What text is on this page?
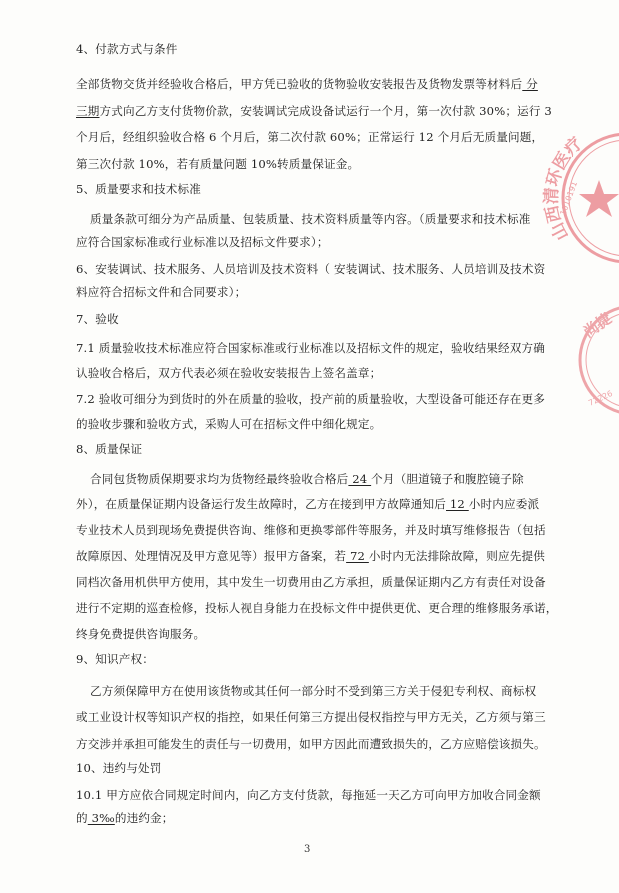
4、付款方式与条件
全部货物交货并经验收合格后，甲方凭已验收的货物验收安装报告及货物发票等材料后 分
三期方式向乙方支付货物价款，安装调试完成设备试运行一个月，第一次付款 30%；运行 3
个月后，经组织验收合格 6 个月后，第二次付款 60%；正常运行 12 个月后无质量问题，
第三次付款 10%，若有质量问题 10%转质量保证金。
5、质量要求和技术标准
质量条款可细分为产品质量、包装质量、技术资料质量等内容。（质量要求和技术标准
应符合国家标准或行业标准以及招标文件要求）；
6、安装调试、技术服务、人员培训及技术资料（ 安装调试、技术服务、人员培训及技术资
料应符合招标文件和合同要求）；
7、验收
7.1 质量验收技术标准应符合国家标准或行业标准以及招标文件的规定，验收结果经双方确
认验收合格后，双方代表必须在验收安装报告上签名盖章；
7.2 验收可细分为到货时的外在质量的验收，投产前的质量验收，大型设备可能还存在更多
的验收步骤和验收方式，采购人可在招标文件中细化规定。
8、质量保证
合同包货物质保期要求均为货物经最终验收合格后 24 个月（胆道镜子和腹腔镜子除
外），在质量保证期内设备运行发生故障时，乙方在接到甲方故障通知后 12 小时内应委派
专业技术人员到现场免费提供咨询、维修和更换零部件等服务，并及时填写维修报告（包括
故障原因、处理情况及甲方意见等）报甲方备案，若 72 小时内无法排除故障，则应先提供
同档次备用机供甲方使用，其中发生一切费用由乙方承担，质量保证期内乙方有责任对设备
进行不定期的巡查检修，投标人视自身能力在投标文件中提供更优、更合理的维修服务承诺，
终身免费提供咨询服务。
9、知识产权：
乙方须保障甲方在使用该货物或其任何一部分时不受到第三方关于侵犯专利权、商标权
或工业设计权等知识产权的指控，如果任何第三方提出侵权指控与甲方无关，乙方须与第三
方交涉并承担可能发生的责任与一切费用，如甲方因此而遭致损失的，乙方应赔偿该损失。
10、违约与处罚
10.1 甲方应依合同规定时间内，向乙方支付货款，每拖延一天乙方可向甲方加收合同金额
的 3‰的违约金；
3
山西清环医疗
1010191
尚捷
72226
